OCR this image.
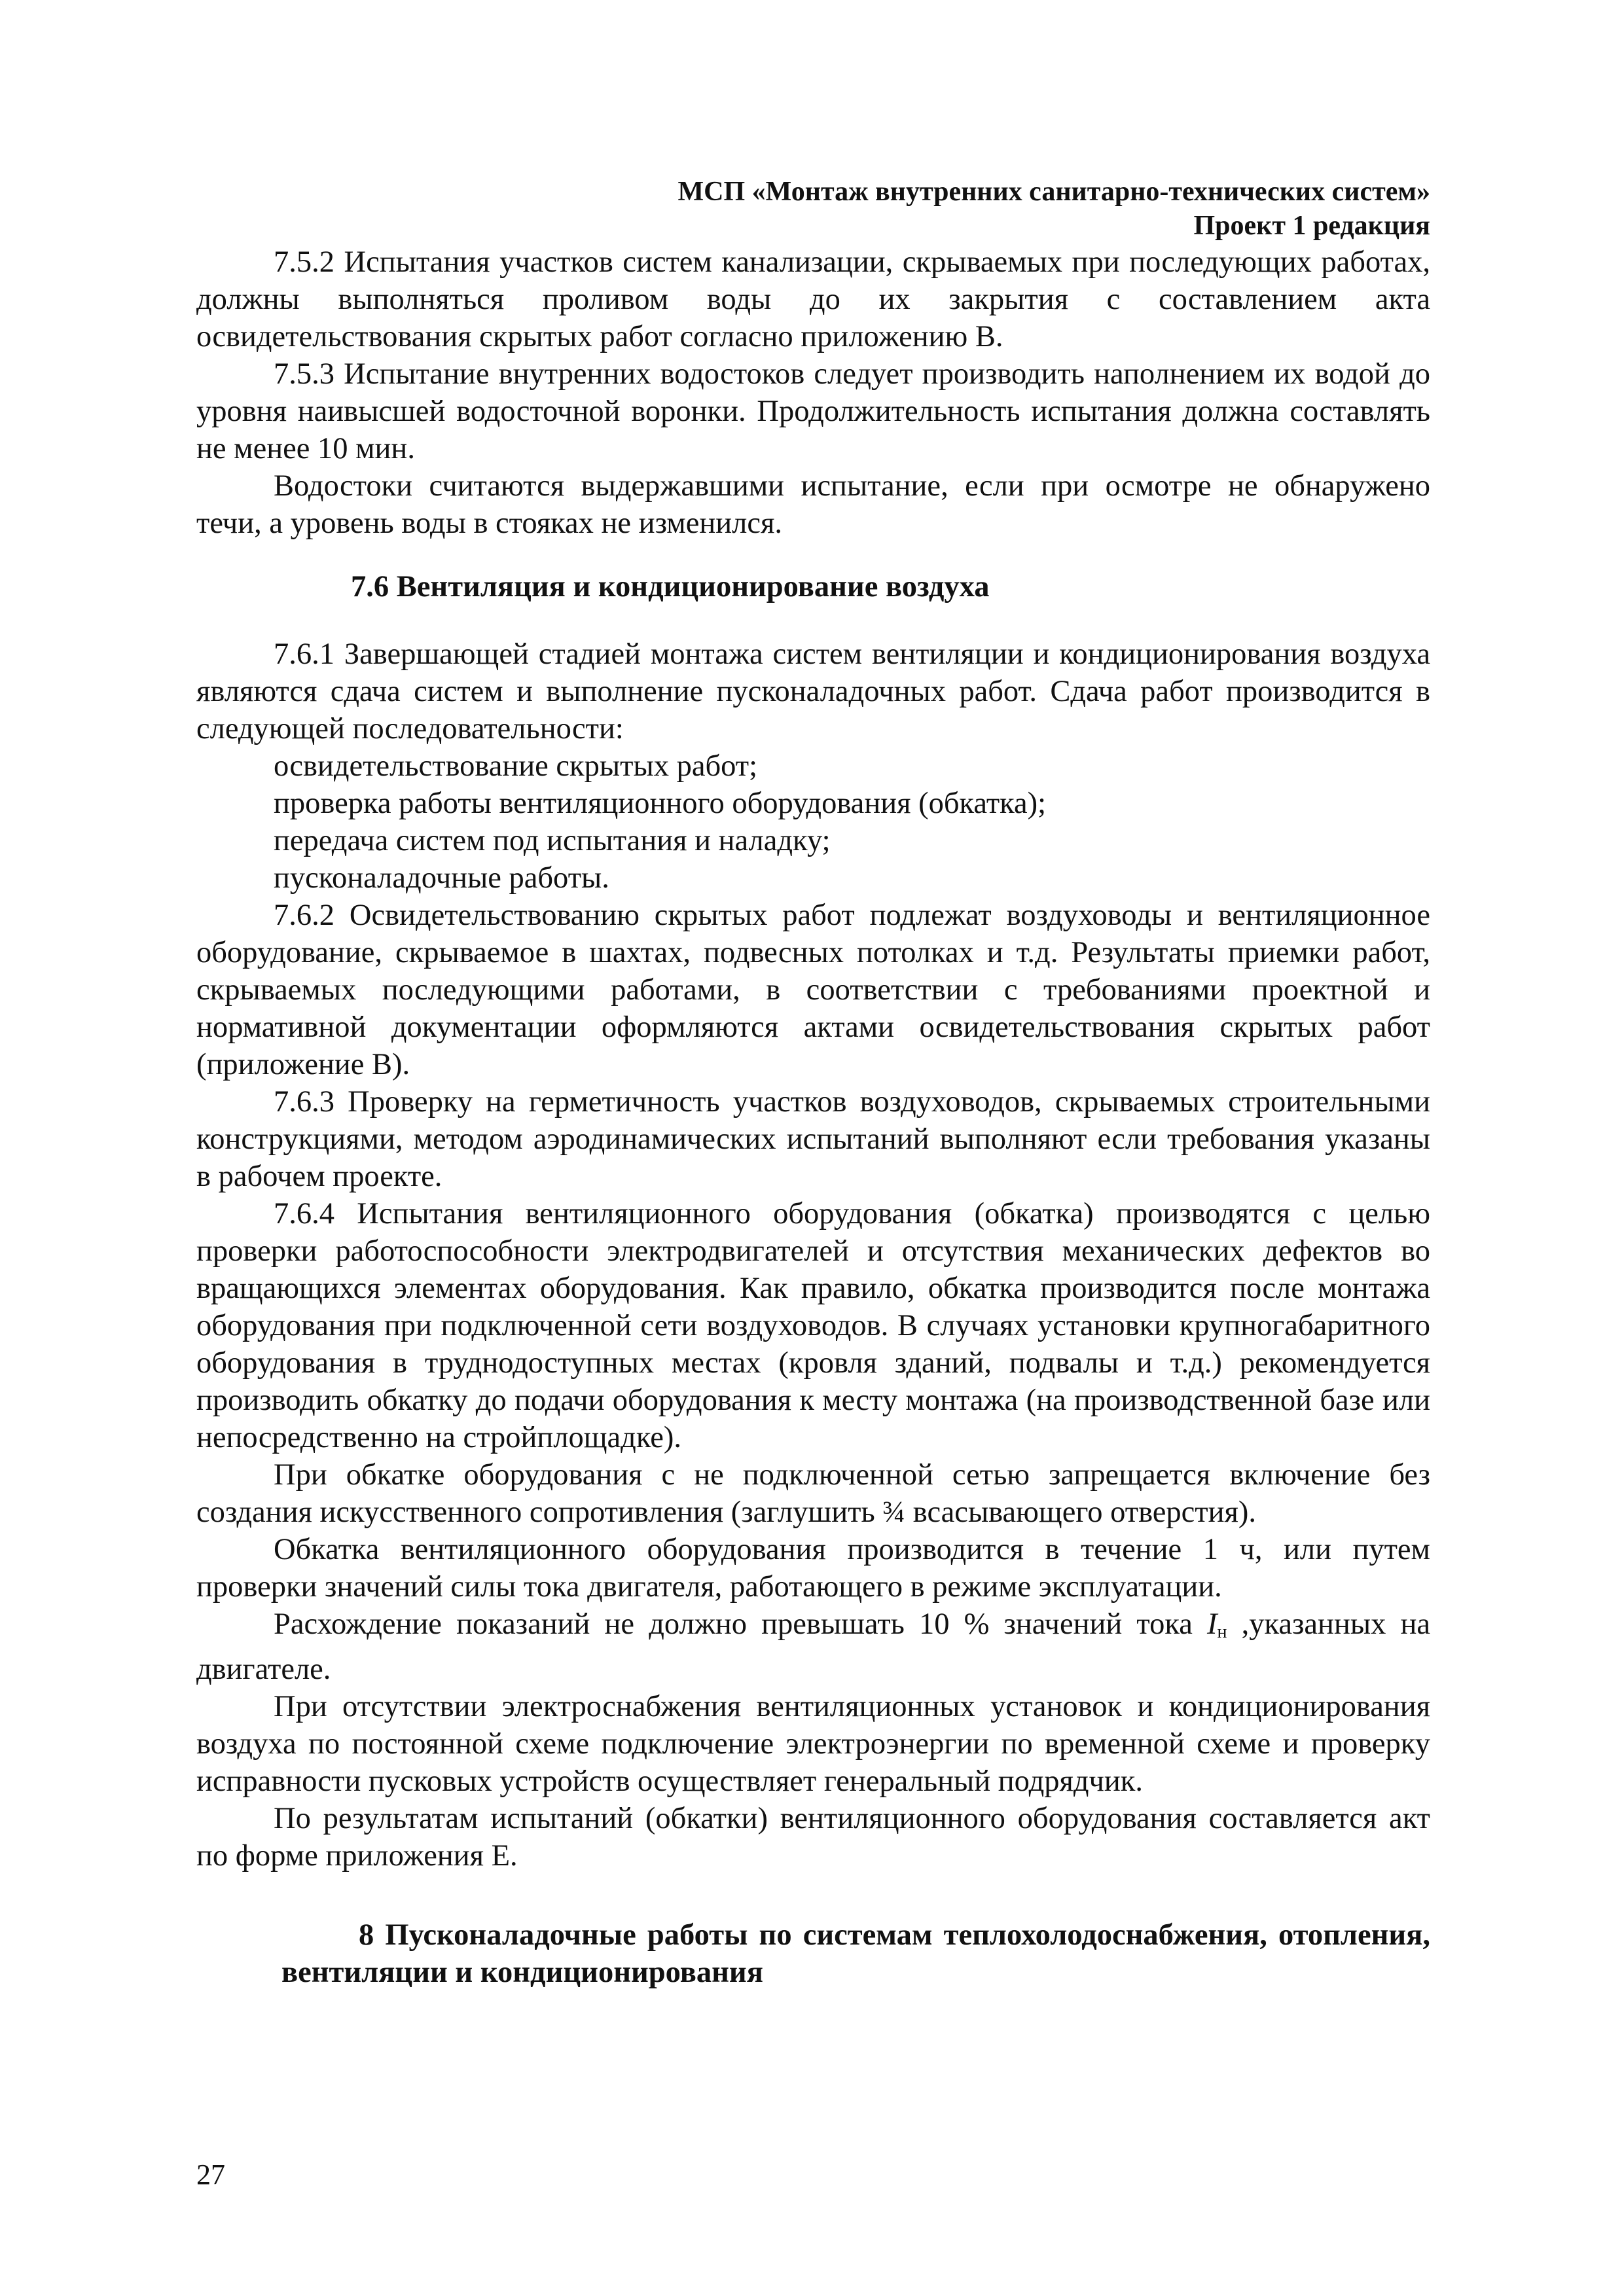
МСП «Монтаж внутренних санитарно-технических систем»
Проект 1 редакция

7.5.2 Испытания участков систем канализации, скрываемых при последующих работах, должны выполняться проливом воды до их закрытия с составлением акта освидетельствования скрытых работ согласно приложению В.

7.5.3 Испытание внутренних водостоков следует производить наполнением их водой до уровня наивысшей водосточной воронки. Продолжительность испытания должна составлять не менее 10 мин.

Водостоки считаются выдержавшими испытание, если при осмотре не обнаружено течи, а уровень воды в стояках не изменился.

7.6 Вентиляция и кондиционирование воздуха

7.6.1 Завершающей стадией монтажа систем вентиляции и кондиционирования воздуха являются сдача систем и выполнение пусконаладочных работ. Сдача работ производится в следующей последовательности:

освидетельствование скрытых работ;

проверка работы вентиляционного оборудования (обкатка);

передача систем под испытания и наладку;

пусконаладочные работы.

7.6.2 Освидетельствованию скрытых работ подлежат воздуховоды и вентиляционное оборудование, скрываемое в шахтах, подвесных потолках и т.д. Результаты приемки работ, скрываемых последующими работами, в соответствии с требованиями проектной и нормативной документации оформляются актами освидетельствования скрытых работ (приложение В).

7.6.3 Проверку на герметичность участков воздуховодов, скрываемых строительными конструкциями, методом аэродинамических испытаний выполняют если требования указаны в рабочем проекте.

7.6.4 Испытания вентиляционного оборудования (обкатка) производятся с целью проверки работоспособности электродвигателей и отсутствия механических дефектов во вращающихся элементах оборудования. Как правило, обкатка производится после монтажа оборудования при подключенной сети воздуховодов. В случаях установки крупногабаритного оборудования в труднодоступных местах (кровля зданий, подвалы и т.д.) рекомендуется производить обкатку до подачи оборудования к месту монтажа (на производственной базе или непосредственно на стройплощадке).

При обкатке оборудования с не подключенной сетью запрещается включение без создания искусственного сопротивления (заглушить ¾ всасывающего отверстия).

Обкатка вентиляционного оборудования производится в течение 1 ч, или путем проверки значений силы тока двигателя, работающего в режиме эксплуатации.

Расхождение показаний не должно превышать 10 % значений тока $I_н$ ,указанных на двигателе.

При отсутствии электроснабжения вентиляционных установок и кондиционирования воздуха по постоянной схеме подключение электроэнергии по временной схеме и проверку исправности пусковых устройств осуществляет генеральный подрядчик.

По результатам испытаний (обкатки) вентиляционного оборудования составляется акт по форме приложения Е.

8 Пусконаладочные работы по системам теплохолодоснабжения, отопления, вентиляции и кондиционирования

27
